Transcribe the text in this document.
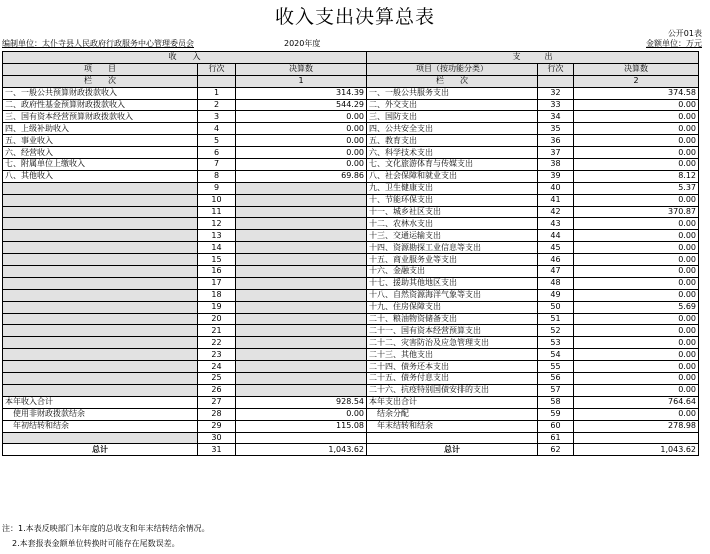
收入支出决算总表
公开01表
编制单位：太仆寺县人民政府行政服务中心管理委员会	2020年度	金额单位：万元
收　　入			支　　　出		
项　　目	行次	决算数	项目（按功能分类）	行次	决算数
栏　　次		1	栏　　次		2
一、一般公共预算财政拨款收入	1	314.39	一、一般公共服务支出	32	374.58
二、政府性基金预算财政拨款收入	2	544.29	二、外交支出	33	0.00
三、国有资本经营预算财政拨款收入	3	0.00	三、国防支出	34	0.00
四、上级补助收入	4	0.00	四、公共安全支出	35	0.00
五、事业收入	5	0.00	五、教育支出	36	0.00
六、经营收入	6	0.00	六、科学技术支出	37	0.00
七、附属单位上缴收入	7	0.00	七、文化旅游体育与传媒支出	38	0.00
八、其他收入	8	69.86	八、社会保障和就业支出	39	8.12
	9		九、卫生健康支出	40	5.37
	10		十、节能环保支出	41	0.00
	11		十一、城乡社区支出	42	370.87
	12		十二、农林水支出	43	0.00
	13		十三、交通运输支出	44	0.00
	14		十四、资源勘探工业信息等支出	45	0.00
	15		十五、商业服务业等支出	46	0.00
	16		十六、金融支出	47	0.00
	17		十七、援助其他地区支出	48	0.00
	18		十八、自然资源海洋气象等支出	49	0.00
	19		十九、住房保障支出	50	5.69
	20		二十、粮油物资储备支出	51	0.00
	21		二十一、国有资本经营预算支出	52	0.00
	22		二十二、灾害防治及应急管理支出	53	0.00
	23		二十三、其他支出	54	0.00
	24		二十四、债务还本支出	55	0.00
	25		二十五、债务付息支出	56	0.00
	26		二十六、抗疫特别国债安排的支出	57	0.00
本年收入合计	27	928.54	本年支出合计	58	764.64
　使用非财政拨款结余	28	0.00	　结余分配	59	0.00
　年初结转和结余	29	115.08	　年末结转和结余	60	278.98
	30			61	
总计	31	1,043.62	总计	62	1,043.62
注：1.本表反映部门本年度的总收支和年末结转结余情况。
2.本套报表金额单位转换时可能存在尾数误差。
